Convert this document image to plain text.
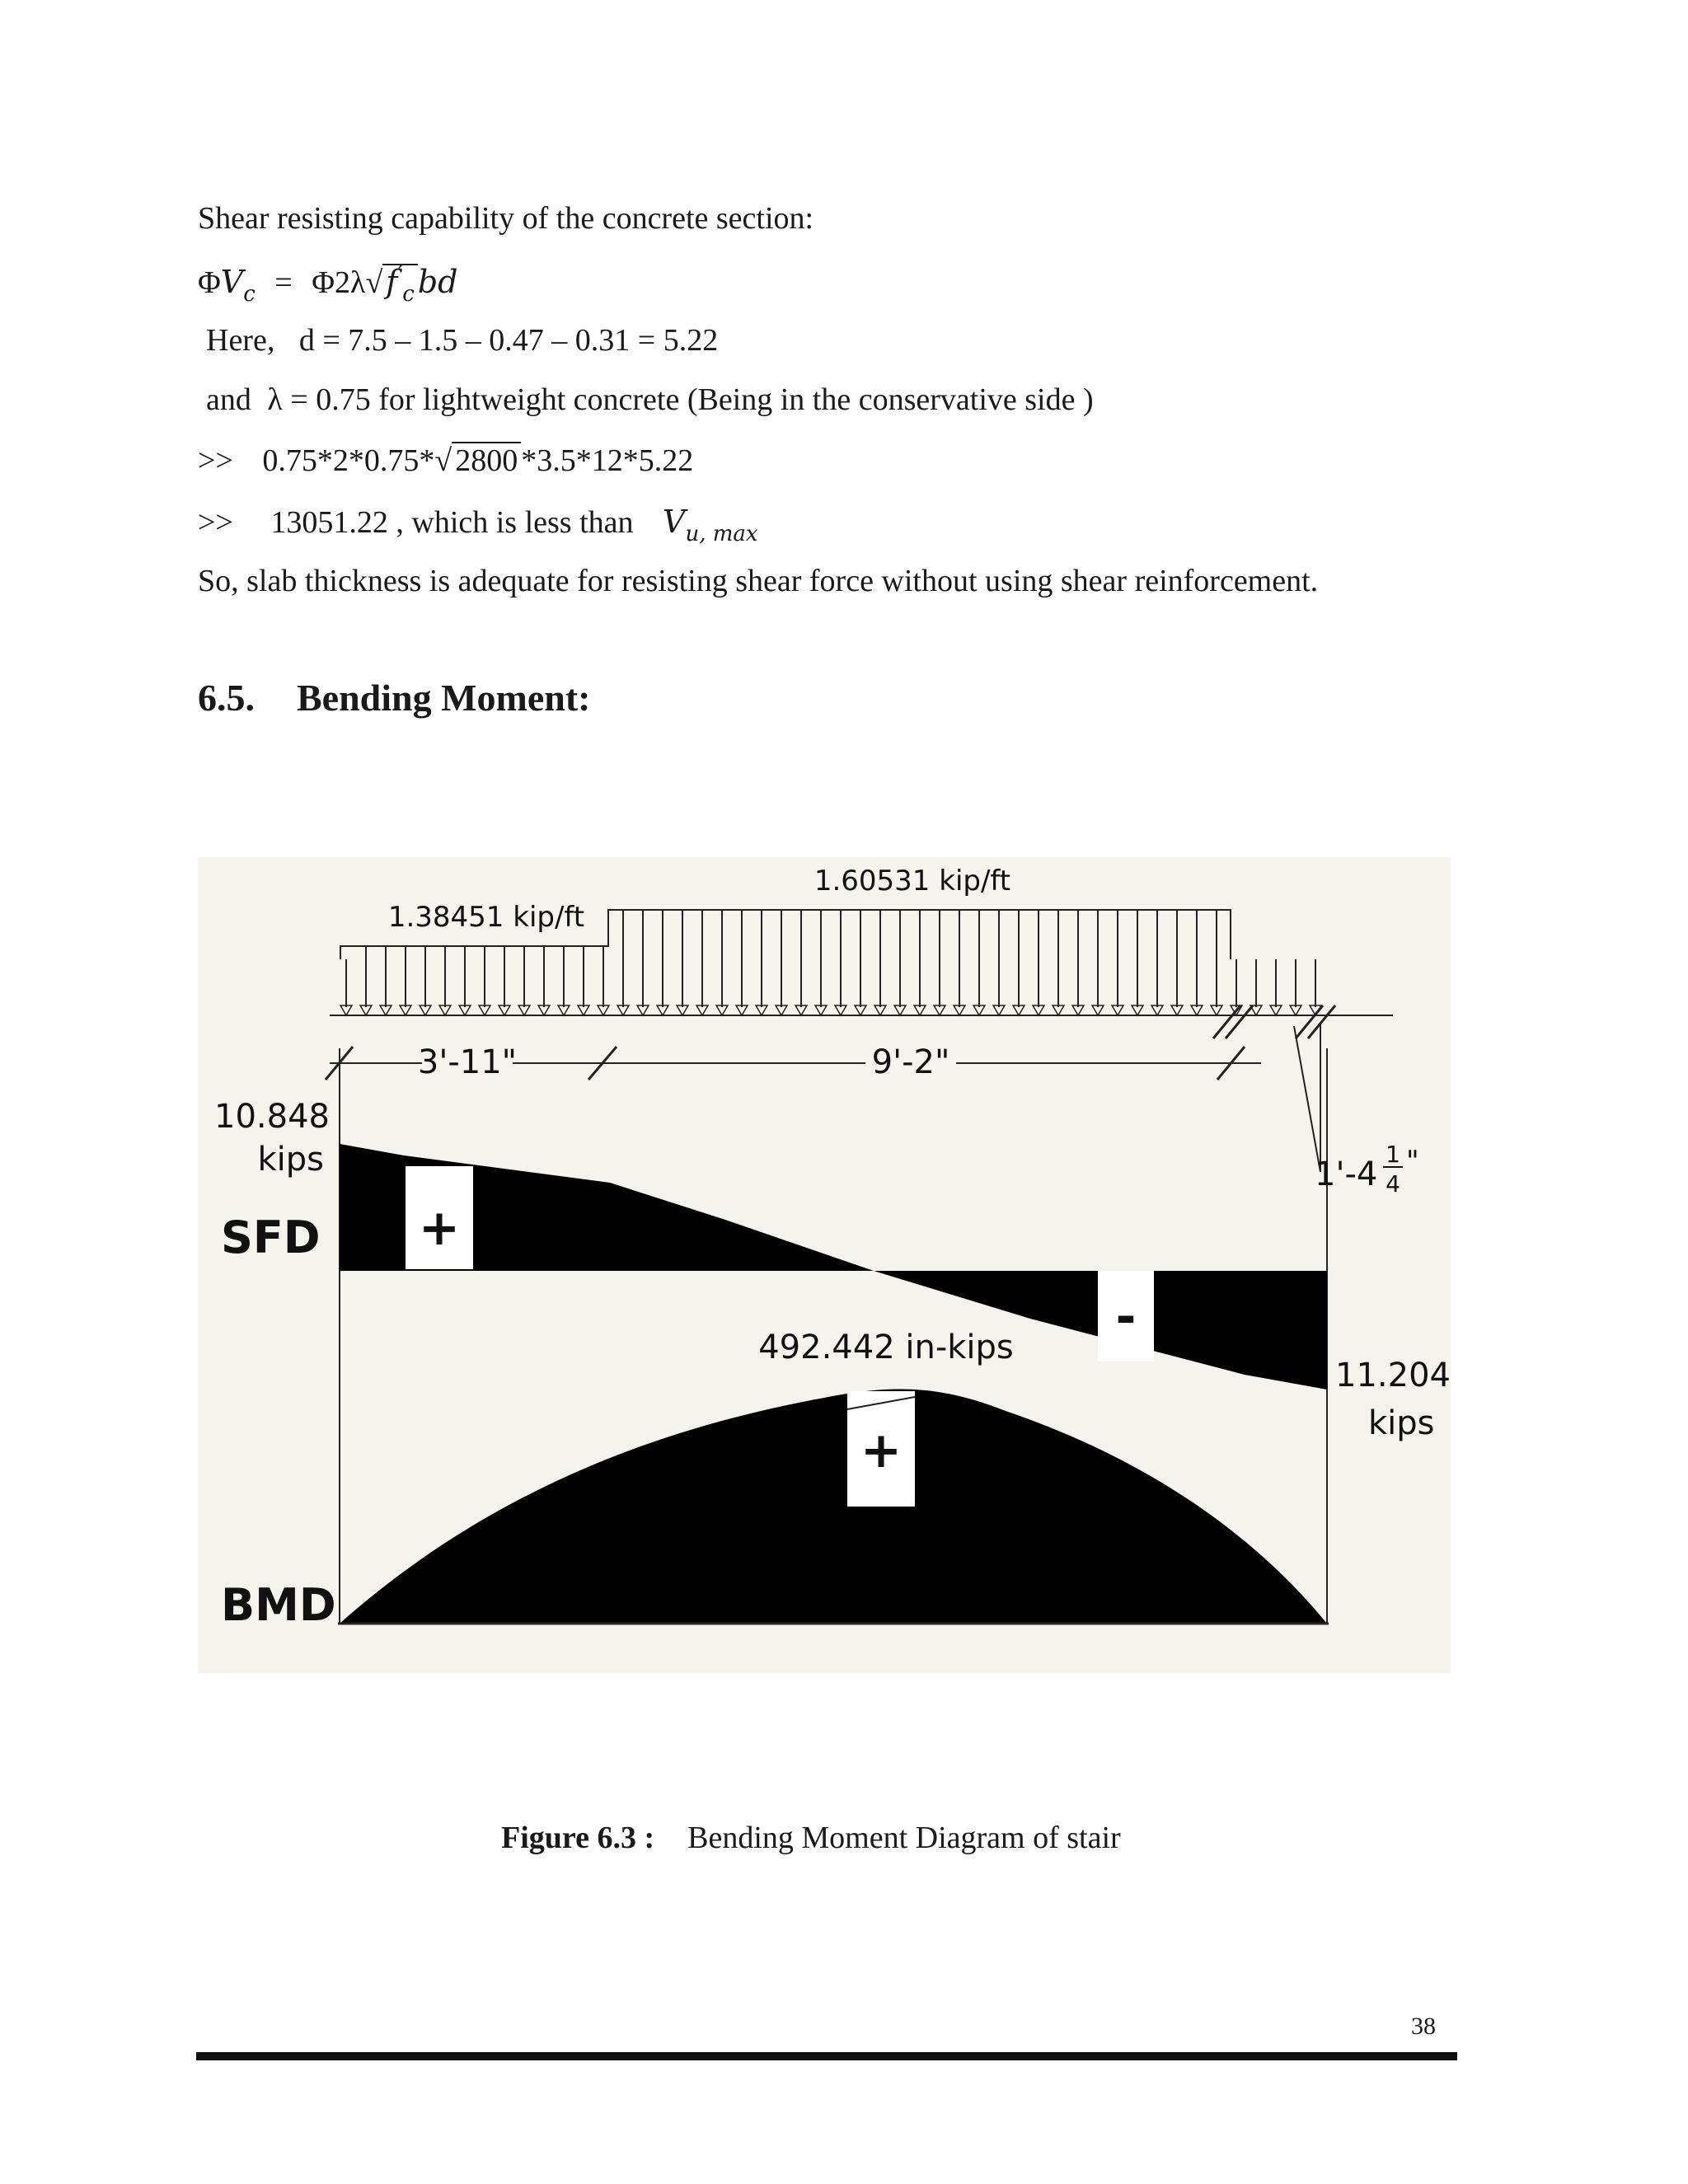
Shear resisting capability of the concrete section:
$\Phi V_c = \Phi 2\lambda√$ $f'_c$ bd
Here, d = 7.5 – 1.5 – 0.47 – 0.31 = 5.22
and λ = 0.75 for lightweight concrete (Being in the conservative side )
>> 0.75*2*0.75*√ 2800 *3.5*12*5.22
>> 13051.22 , which is less than $V_{u, max}$
So, slab thickness is adequate for resisting shear force without using shear reinforcement.
6.5. Bending Moment:
1.38451 kip/ft
1.60531 kip/ft
3'-11"	9'-2"
1'-4
1
4
"
10.848
kips
SFD
BMD
11.204
kips
492.442 in-kips
+
-
+
Figure 6.3 : Bending Moment Diagram of stair
38
